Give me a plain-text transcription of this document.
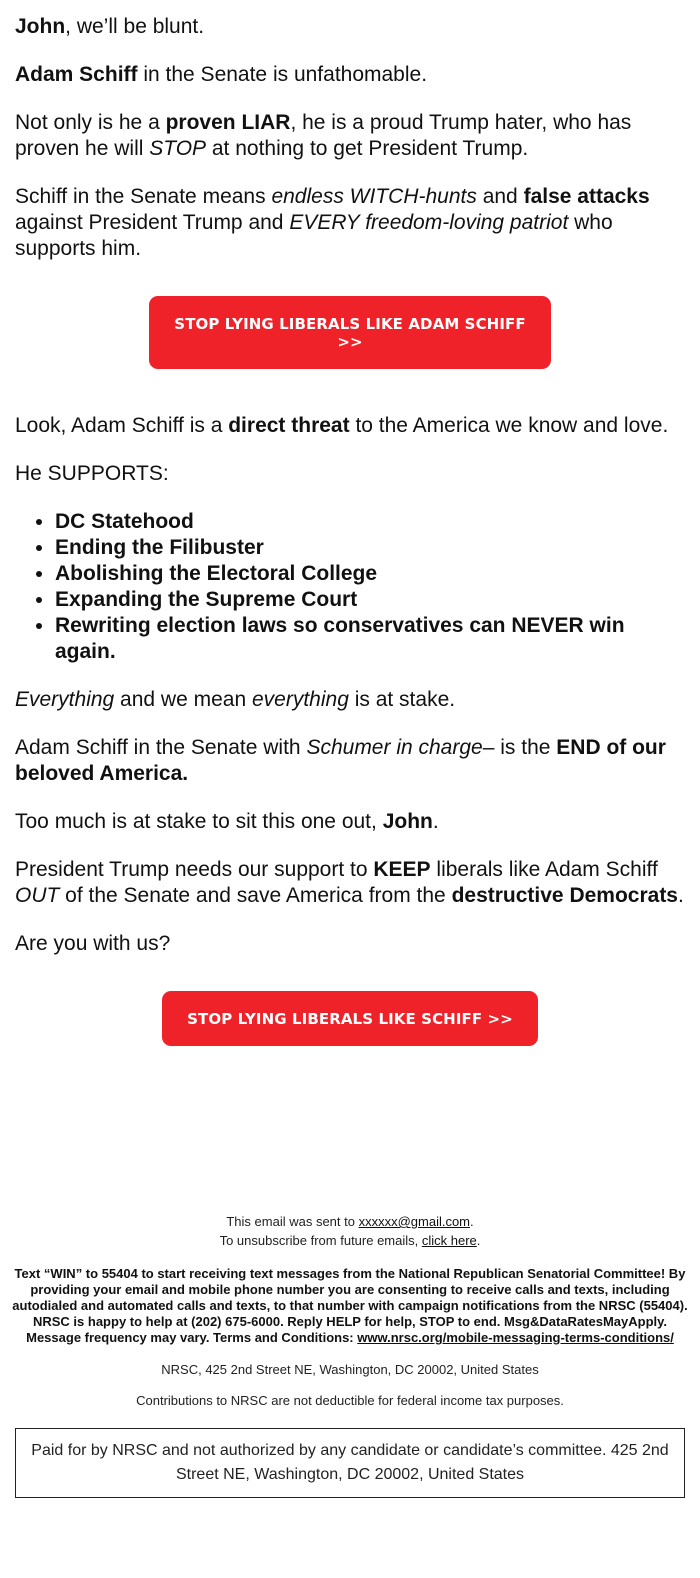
John, we’ll be blunt.

Adam Schiff in the Senate is unfathomable.

Not only is he a proven LIAR, he is a proud Trump hater, who has proven he will STOP at nothing to get President Trump.

Schiff in the Senate means endless WITCH-hunts and false attacks against President Trump and EVERY freedom-loving patriot who supports him.

STOP LYING LIBERALS LIKE ADAM SCHIFF >>

Look, Adam Schiff is a direct threat to the America we know and love.

He SUPPORTS:

• DC Statehood
• Ending the Filibuster
• Abolishing the Electoral College
• Expanding the Supreme Court
• Rewriting election laws so conservatives can NEVER win again.

Everything and we mean everything is at stake.

Adam Schiff in the Senate with Schumer in charge– is the END of our beloved America.

Too much is at stake to sit this one out, John.

President Trump needs our support to KEEP liberals like Adam Schiff OUT of the Senate and save America from the destructive Democrats.

Are you with us?

STOP LYING LIBERALS LIKE SCHIFF >>
This email was sent to xxxxxx@gmail.com.
To unsubscribe from future emails, click here.
Text “WIN” to 55404 to start receiving text messages from the National Republican Senatorial Committee! By providing your email and mobile phone number you are consenting to receive calls and texts, including autodialed and automated calls and texts, to that number with campaign notifications from the NRSC (55404). NRSC is happy to help at (202) 675-6000. Reply HELP for help, STOP to end. Msg&DataRatesMayApply. Message frequency may vary. Terms and Conditions: www.nrsc.org/mobile-messaging-terms-conditions/
NRSC, 425 2nd Street NE, Washington, DC 20002, United States
Contributions to NRSC are not deductible for federal income tax purposes.
Paid for by NRSC and not authorized by any candidate or candidate’s committee. 425 2nd Street NE, Washington, DC 20002, United States
